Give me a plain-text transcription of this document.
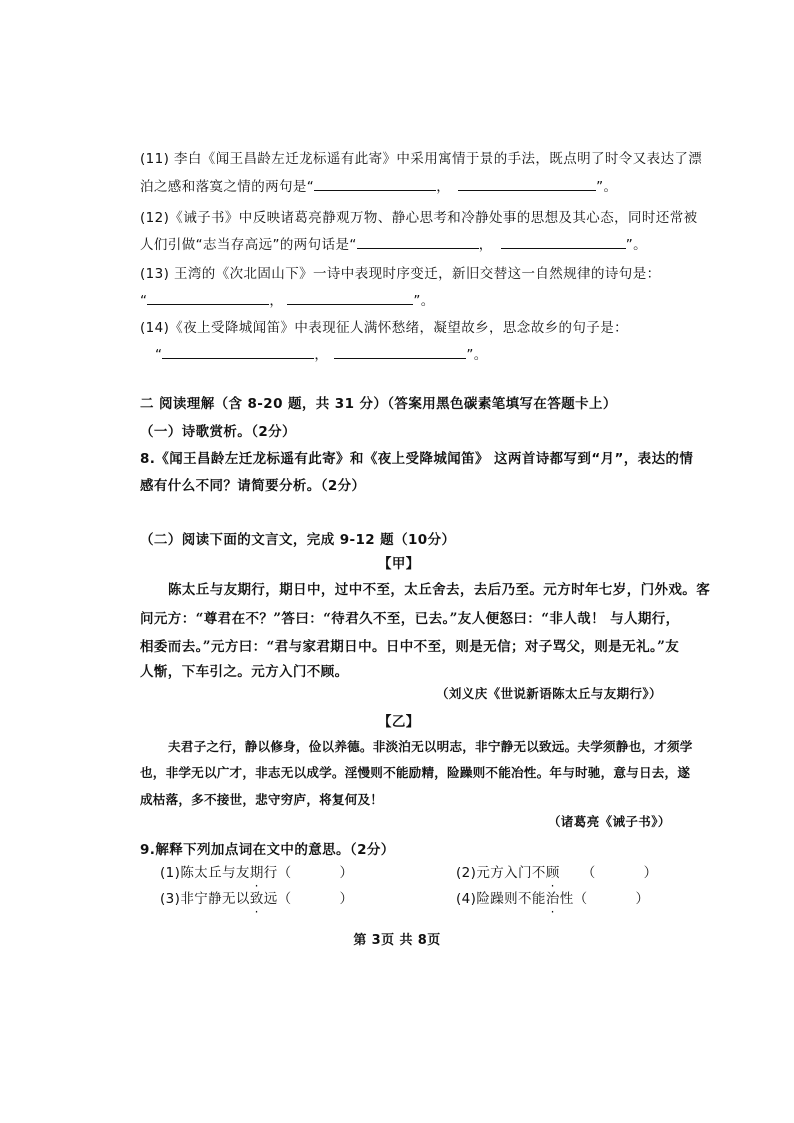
(11) 李白《闻王昌龄左迁龙标遥有此寄》中采用寓情于景的手法，既点明了时令又表达了漂
泊之感和落寞之情的两句是“	，	”。
(12)《诫子书》中反映诸葛亮静观万物、静心思考和冷静处事的思想及其心态，同时还常被
人们引做“志当存高远”的两句话是“	，	”。
(13) 王湾的《次北固山下》一诗中表现时序变迁，新旧交替这一自然规律的诗句是：
“	，	”。
(14)《夜上受降城闻笛》中表现征人满怀愁绪，凝望故乡，思念故乡的句子是：
“	，	”。
二 阅读理解（含 8-20 题，共 31 分）（答案用黑色碳素笔填写在答题卡上）
（一）诗歌赏析。（2分）
8.《闻王昌龄左迁龙标遥有此寄》和《夜上受降城闻笛》 这两首诗都写到“月”，表达的情
感有什么不同？请简要分析。（2分）
（二）阅读下面的文言文，完成 9-12 题（10分）
【甲】
陈太丘与友期行，期日中，过中不至，太丘舍去，去后乃至。元方时年七岁，门外戏。客
问元方：“尊君在不？”答曰：“待君久不至，已去。”友人便怒曰：“非人哉！ 与人期行，
相委而去。”元方曰：“君与家君期日中。日中不至，则是无信；对子骂父，则是无礼。”友
人惭，下车引之。元方入门不顾。
（刘义庆《世说新语陈太丘与友期行》）
【乙】
夫君子之行，静以修身，俭以养德。非淡泊无以明志，非宁静无以致远。夫学须静也，才须学
也，非学无以广才，非志无以成学。淫慢则不能励精，险躁则不能冶性。年与时驰，意与日去，遂
成枯落，多不接世，悲守穷庐，将复何及！
（诸葛亮《诫子书》）
9.解释下列加点词在文中的意思。（2分）
(1)陈太丘与友期行（	）	(2)元方入门不顾 （	）
(3)非宁静无以致远（	）	(4)险躁则不能治性（	）
第 3页 共 8页
